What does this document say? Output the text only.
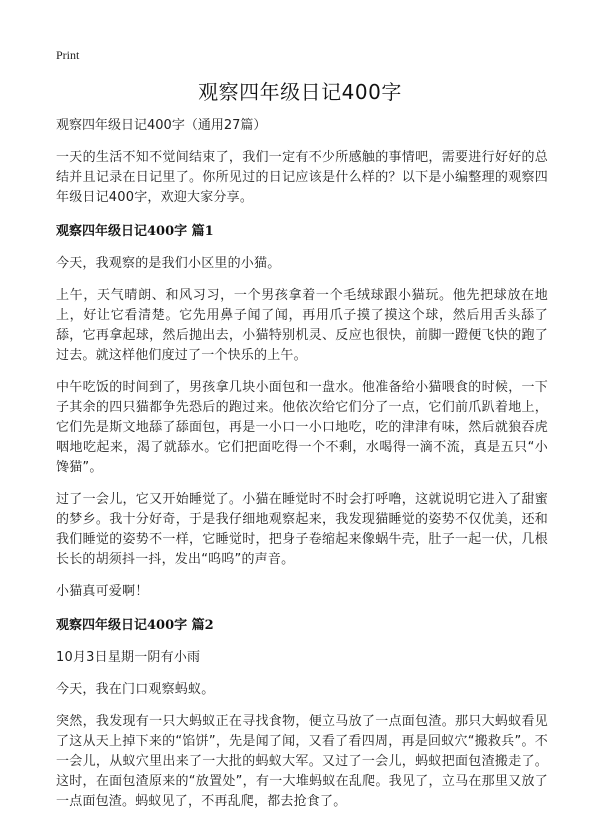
Print
观察四年级日记400字

观察四年级日记400字（通用27篇）

一天的生活不知不觉间结束了，我们一定有不少所感触的事情吧，需要进行好好的总结并且记录在日记里了。你所见过的日记应该是什么样的？以下是小编整理的观察四年级日记400字，欢迎大家分享。

观察四年级日记400字 篇1

今天，我观察的是我们小区里的小猫。

上午，天气晴朗、和风习习，一个男孩拿着一个毛绒球跟小猫玩。他先把球放在地上，好让它看清楚。它先用鼻子闻了闻，再用爪子摸了摸这个球，然后用舌头舔了舔，它再拿起球，然后抛出去，小猫特别机灵、反应也很快，前脚一蹬便飞快的跑了过去。就这样他们度过了一个快乐的上午。

中午吃饭的时间到了，男孩拿几块小面包和一盘水。他准备给小猫喂食的时候，一下子其余的四只猫都争先恐后的跑过来。他依次给它们分了一点，它们前爪趴着地上，它们先是斯文地舔了舔面包，再是一小口一小口地吃，吃的津津有味，然后就狼吞虎咽地吃起来，渴了就舔水。它们把面吃得一个不剩，水喝得一滴不流，真是五只“小馋猫”。

过了一会儿，它又开始睡觉了。小猫在睡觉时不时会打呼噜，这就说明它进入了甜蜜的梦乡。我十分好奇，于是我仔细地观察起来，我发现猫睡觉的姿势不仅优美，还和我们睡觉的姿势不一样，它睡觉时，把身子卷缩起来像蜗牛壳，肚子一起一伏，几根长长的胡须抖一抖，发出“呜呜”的声音。

小猫真可爱啊！

观察四年级日记400字 篇2

10月3日星期一阴有小雨

今天，我在门口观察蚂蚁。

突然，我发现有一只大蚂蚁正在寻找食物，便立马放了一点面包渣。那只大蚂蚁看见了这从天上掉下来的“馅饼”，先是闻了闻，又看了看四周，再是回蚁穴“搬救兵”。不一会儿，从蚁穴里出来了一大批的蚂蚁大军。又过了一会儿，蚂蚁把面包渣搬走了。这时，在面包渣原来的“放置处”，有一大堆蚂蚁在乱爬。我见了，立马在那里又放了一点面包渣。蚂蚁见了，不再乱爬，都去抢食了。
